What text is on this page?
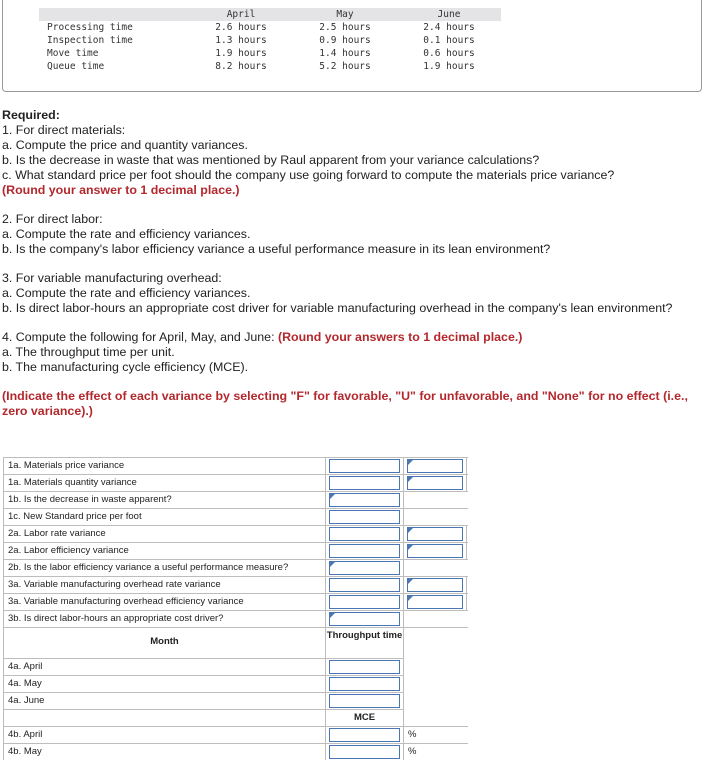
	April	May	June
Processing time	2.6 hours	2.5 hours	2.4 hours
Inspection time	1.3 hours	0.9 hours	0.1 hours
Move time	1.9 hours	1.4 hours	0.6 hours
Queue time	8.2 hours	5.2 hours	1.9 hours

Required:

1. For direct materials:

a. Compute the price and quantity variances.

b. Is the decrease in waste that was mentioned by Raul apparent from your variance calculations?

c. What standard price per foot should the company use going forward to compute the materials price variance?

(Round your answer to 1 decimal place.)

2. For direct labor:

a. Compute the rate and efficiency variances.

b. Is the company's labor efficiency variance a useful performance measure in its lean environment?

3. For variable manufacturing overhead:

a. Compute the rate and efficiency variances.

b. Is direct labor-hours an appropriate cost driver for variable manufacturing overhead in the company's lean environment?

4. Compute the following for April, May, and June: (Round your answers to 1 decimal place.)

a. The throughput time per unit.

b. The manufacturing cycle efficiency (MCE).

(Indicate the effect of each variance by selecting "F" for favorable, "U" for unfavorable, and "None" for no effect (i.e., zero variance).)

1a. Materials price variance
1a. Materials quantity variance
1b. Is the decrease in waste apparent?
1c. New Standard price per foot
2a. Labor rate variance
2a. Labor efficiency variance
2b. Is the labor efficiency variance a useful performance measure?
3a. Variable manufacturing overhead rate variance
3a. Variable manufacturing overhead efficiency variance
3b. Is direct labor-hours an appropriate cost driver?
Month
Throughput time
4a. April
4a. May
4a. June
MCE
4b. April	%
4b. May	%
